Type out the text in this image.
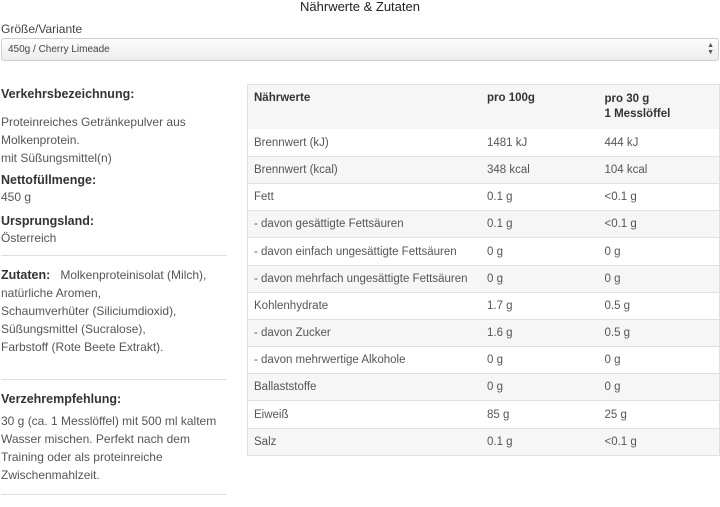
Nährwerte & Zutaten
Größe/Variante
450g / Cherry Limeade	▲
▼
Verkehrsbezeichnung:
Proteinreiches Getränkepulver aus
Molkenprotein.
mit Süßungsmittel(n)
Nettofüllmenge:
450 g
Ursprungsland:
Österreich
Zutaten: Molkenproteinisolat (Milch),
natürliche Aromen,
Schaumverhüter (Siliciumdioxid),
Süßungsmittel (Sucralose),
Farbstoff (Rote Beete Extrakt).
Verzehrempfehlung:
30 g (ca. 1 Messlöffel) mit 500 ml kaltem
Wasser mischen. Perfekt nach dem
Training oder als proteinreiche
Zwischenmahlzeit.
Nährwerte	pro 100g	pro 30 g
1 Messlöffel
Brennwert (kJ)	1481 kJ	444 kJ
Brennwert (kcal)	348 kcal	104 kcal
Fett	0.1 g	<0.1 g
- davon gesättigte Fettsäuren	0.1 g	<0.1 g
- davon einfach ungesättigte Fettsäuren	0 g	0 g
- davon mehrfach ungesättigte Fettsäuren	0 g	0 g
Kohlenhydrate	1.7 g	0.5 g
- davon Zucker	1.6 g	0.5 g
- davon mehrwertige Alkohole	0 g	0 g
Ballaststoffe	0 g	0 g
Eiweiß	85 g	25 g
Salz	0.1 g	<0.1 g
